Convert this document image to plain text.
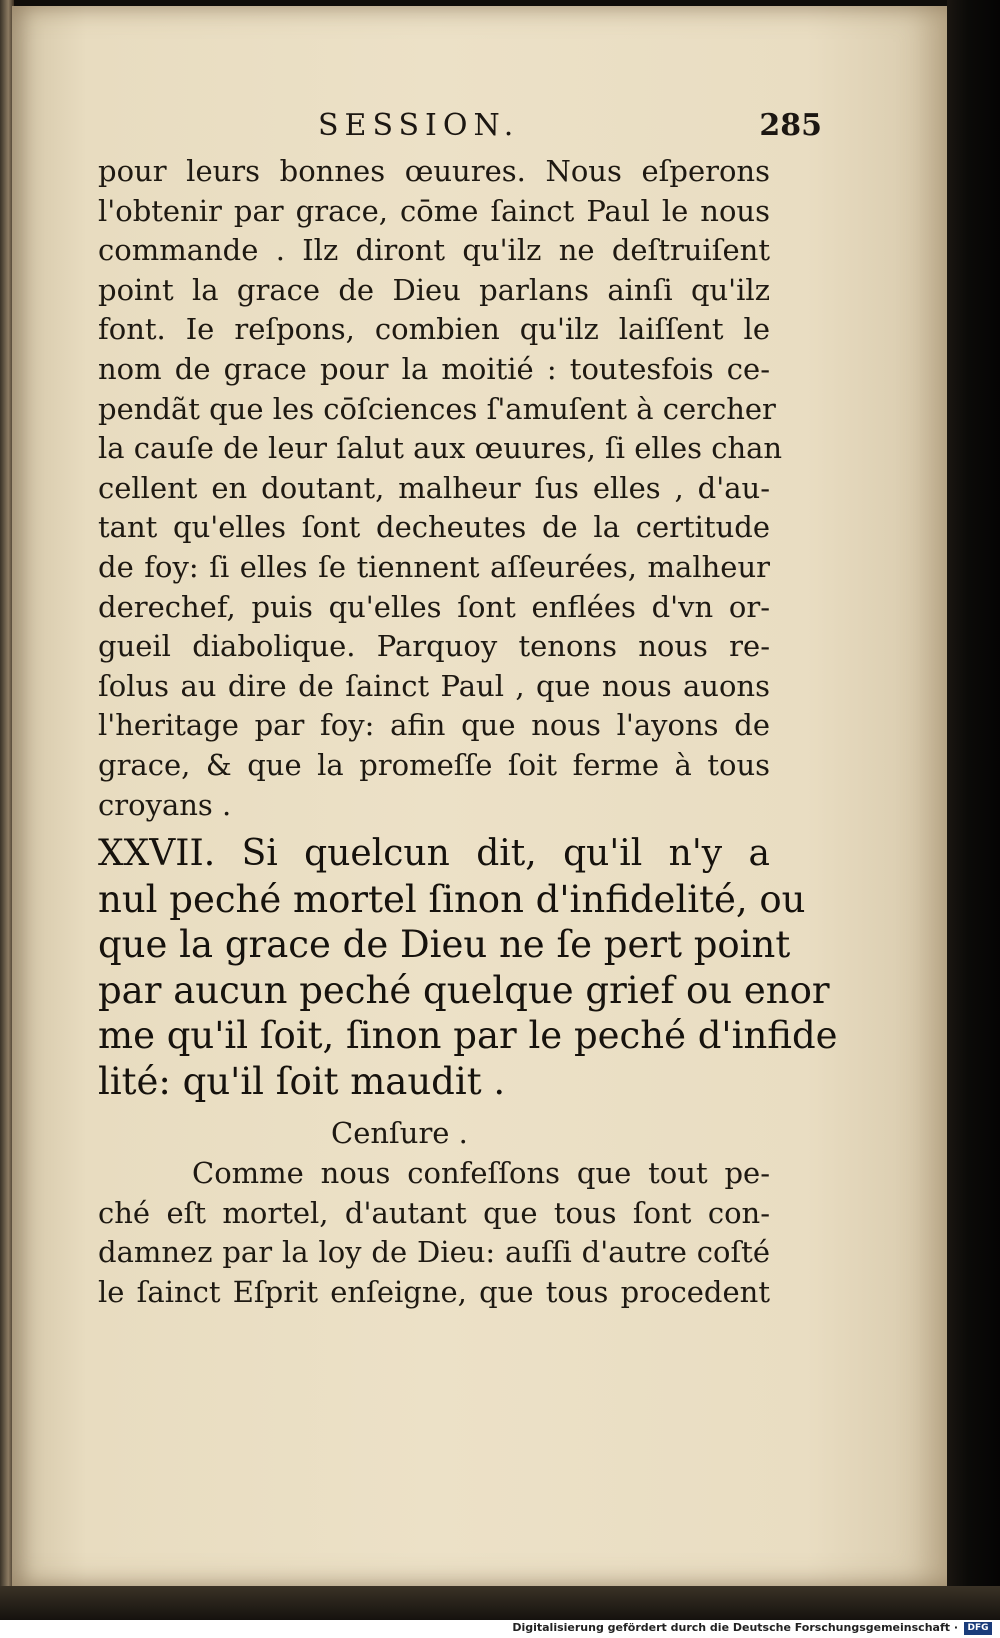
SESSION.	285
pour leurs bonnes œuures. Nous eſperons
l'obtenir par grace, cōme ſainct Paul le nous
commande . Ilz diront qu'ilz ne deſtruiſent
point la grace de Dieu parlans ainſi qu'ilz
font. Ie reſpons, combien qu'ilz laiſſent le
nom de grace pour la moitié : toutesfois ce-
pendãt que les cōſciences ſ'amuſent à cercher
la cauſe de leur ſalut aux œuures, ſi elles chan
cellent en doutant, malheur ſus elles , d'au-
tant qu'elles ſont decheutes de la certitude
de foy: ſi elles ſe tiennent aſſeurées, malheur
derechef, puis qu'elles ſont enflées d'vn or-
gueil diabolique. Parquoy tenons nous re-
ſolus au dire de ſainct Paul , que nous auons
l'heritage par foy: afin que nous l'ayons de
grace, & que la promeſſe ſoit ferme à tous
croyans .
XXVII. Si quelcun dit, qu'il n'y a
nul peché mortel ſinon d'infidelité, ou
que la grace de Dieu ne ſe pert point
par aucun peché quelque grief ou enor
me qu'il ſoit, ſinon par le peché d'infide
lité: qu'il ſoit maudit .
Cenſure .
Comme nous confeſſons que tout pe-
ché eſt mortel, d'autant que tous ſont con-
damnez par la loy de Dieu: auſſi d'autre coſté
le ſainct Eſprit enſeigne, que tous procedent
Digitalisierung gefördert durch die Deutsche Forschungsgemeinschaft ·	DFG
